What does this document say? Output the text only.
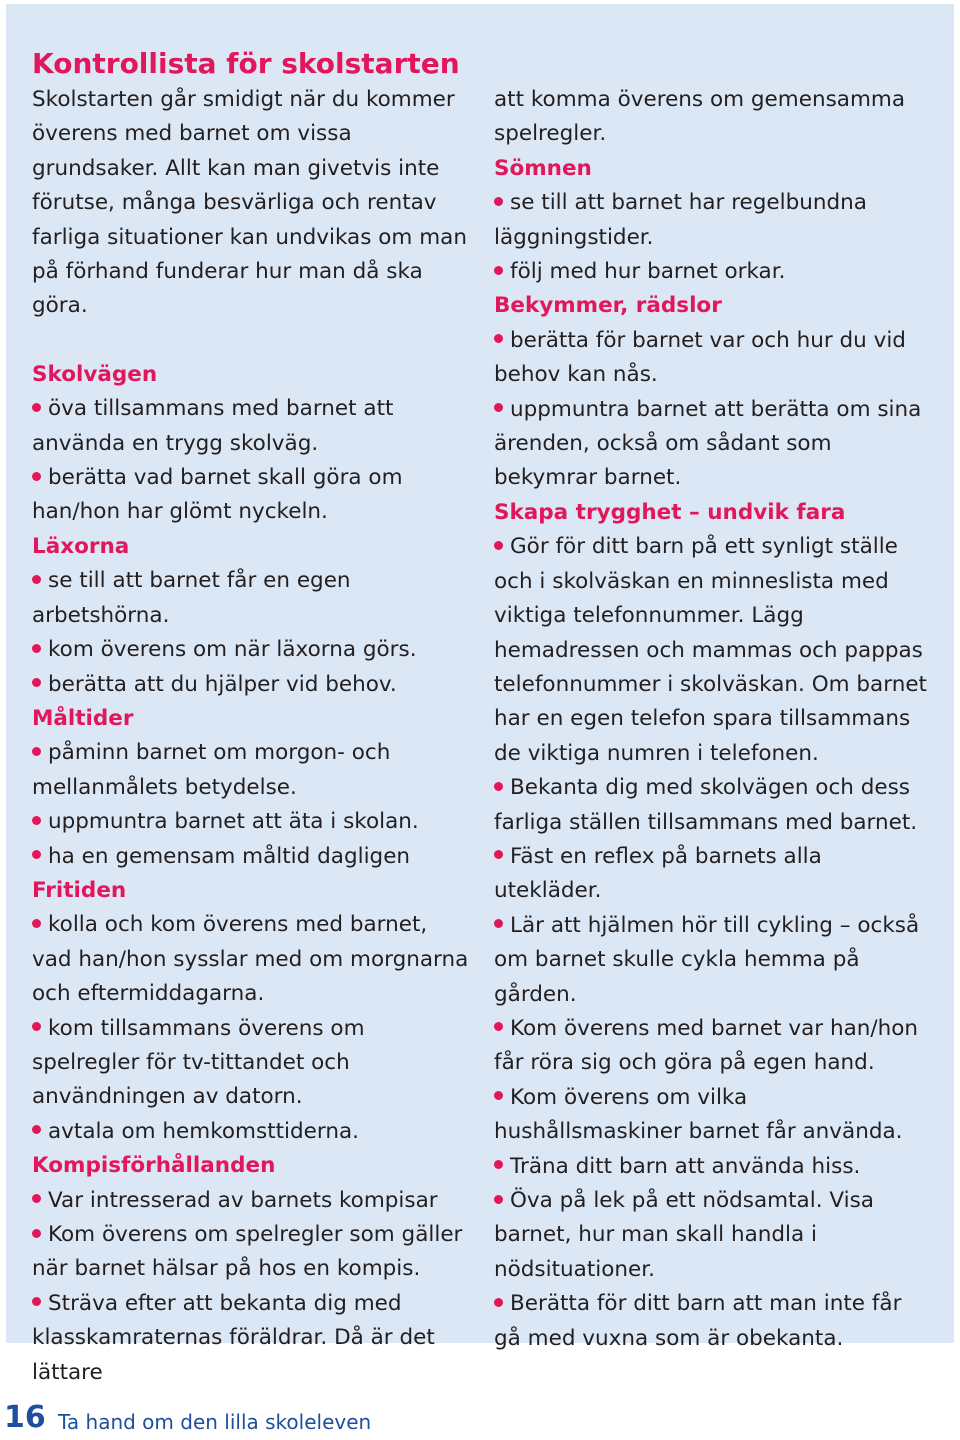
Kontrollista för skolstarten
Skolstarten går smidigt när du kommer överens med barnet om vissa grundsaker. Allt kan man givetvis inte förutse, många besvärliga och rentav farliga situationer kan undvikas om man på förhand funderar hur man då ska göra.
Skolvägen
öva tillsammans med barnet att använda en trygg skolväg.
berätta vad barnet skall göra om han/hon har glömt nyckeln.
Läxorna
se till att barnet får en egen arbetshörna.
kom överens om när läxorna görs.
berätta att du hjälper vid behov.
Måltider
påminn barnet om morgon- och mellanmålets betydelse.
uppmuntra barnet att äta i skolan.
ha en gemensam måltid dagligen
Fritiden
kolla och kom överens med barnet, vad han/hon sysslar med om morgnarna och eftermiddagarna.
kom tillsammans överens om spelregler för tv-tittandet och användningen av datorn.
avtala om hemkomsttiderna.
Kompisförhållanden
Var intresserad av barnets kompisar
Kom överens om spelregler som gäller när barnet hälsar på hos en kompis.
Sträva efter att bekanta dig med klasskamraternas föräldrar. Då är det lättare
att komma överens om gemensamma spelregler.
Sömnen
se till att barnet har regelbundna läggningstider.
följ med hur barnet orkar.
Bekymmer, rädslor
berätta för barnet var och hur du vid behov kan nås.
uppmuntra barnet att berätta om sina ärenden, också om sådant som bekymrar barnet.
Skapa trygghet – undvik fara
Gör för ditt barn på ett synligt ställe och i skolväskan en minneslista med viktiga telefonnummer. Lägg hemadressen och mammas och pappas telefonnummer i skolväskan. Om barnet har en egen telefon spara tillsammans de viktiga numren i telefonen.
Bekanta dig med skolvägen och dess farliga ställen tillsammans med barnet.
Fäst en reflex på barnets alla utekläder.
Lär att hjälmen hör till cykling – också om barnet skulle cykla hemma på gården.
Kom överens med barnet var han/hon får röra sig och göra på egen hand.
Kom överens om vilka hushållsmaskiner barnet får använda.
Träna ditt barn att använda hiss.
Öva på lek på ett nödsamtal. Visa barnet, hur man skall handla i nödsituationer.
Berätta för ditt barn att man inte får gå med vuxna som är obekanta.
16 Ta hand om den lilla skoleleven
